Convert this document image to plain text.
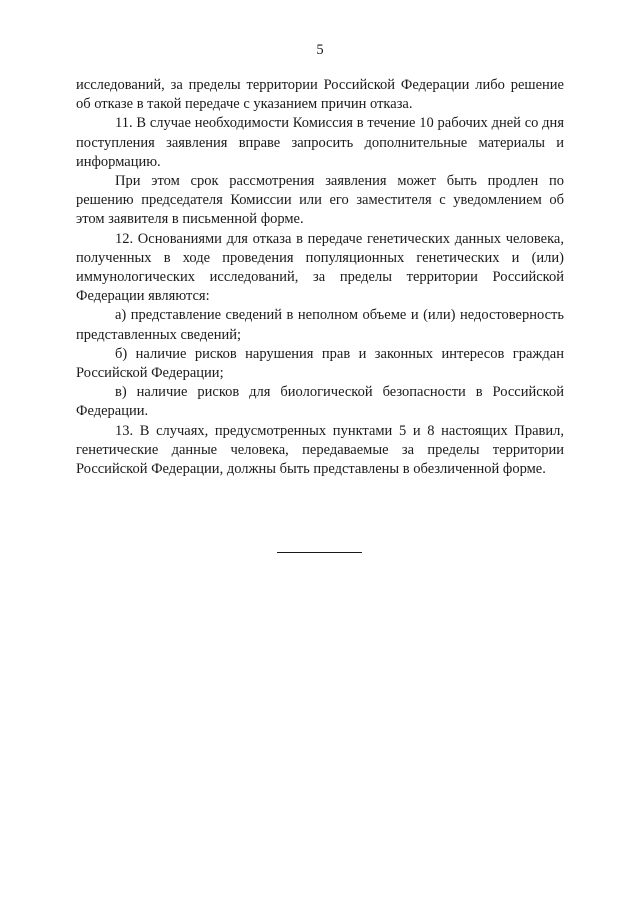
5

исследований, за пределы территории Российской Федерации либо решение об отказе в такой передаче с указанием причин отказа.

11. В случае необходимости Комиссия в течение 10 рабочих дней со дня поступления заявления вправе запросить дополнительные материалы и информацию.

При этом срок рассмотрения заявления может быть продлен по решению председателя Комиссии или его заместителя с уведомлением об этом заявителя в письменной форме.

12. Основаниями для отказа в передаче генетических данных человека, полученных в ходе проведения популяционных генетических и (или) иммунологических исследований, за пределы территории Российской Федерации являются:

а) представление сведений в неполном объеме и (или) недостоверность представленных сведений;

б) наличие рисков нарушения прав и законных интересов граждан Российской Федерации;

в) наличие рисков для биологической безопасности в Российской Федерации.

13. В случаях, предусмотренных пунктами 5 и 8 настоящих Правил, генетические данные человека, передаваемые за пределы территории Российской Федерации, должны быть представлены в обезличенной форме.
